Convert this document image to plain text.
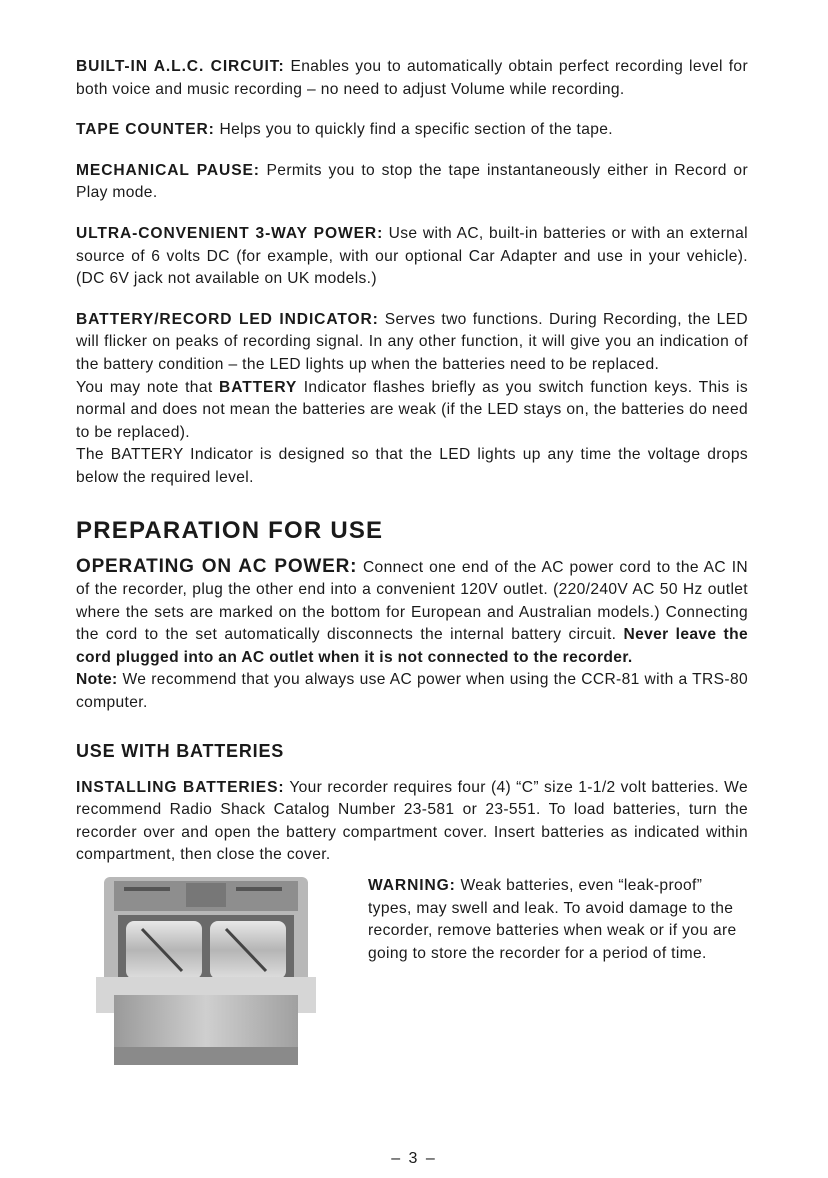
BUILT-IN A.L.C. CIRCUIT: Enables you to automatically obtain perfect recording level for both voice and music recording – no need to adjust Volume while recording.

TAPE COUNTER: Helps you to quickly find a specific section of the tape.

MECHANICAL PAUSE: Permits you to stop the tape instantaneously either in Record or Play mode.

ULTRA-CONVENIENT 3-WAY POWER: Use with AC, built-in batteries or with an external source of 6 volts DC (for example, with our optional Car Adapter and use in your vehicle). (DC 6V jack not available on UK models.)

BATTERY/RECORD LED INDICATOR: Serves two functions. During Recording, the LED will flicker on peaks of recording signal. In any other function, it will give you an indication of the battery condition – the LED lights up when the batteries need to be replaced.

You may note that BATTERY Indicator flashes briefly as you switch function keys. This is normal and does not mean the batteries are weak (if the LED stays on, the batteries do need to be replaced).

The BATTERY Indicator is designed so that the LED lights up any time the voltage drops below the required level.

PREPARATION FOR USE

OPERATING ON AC POWER: Connect one end of the AC power cord to the AC IN of the recorder, plug the other end into a convenient 120V outlet. (220/240V AC 50 Hz outlet where the sets are marked on the bottom for European and Australian models.) Connecting the cord to the set automatically disconnects the internal battery circuit. Never leave the cord plugged into an AC outlet when it is not connected to the recorder.

Note: We recommend that you always use AC power when using the CCR-81 with a TRS-80 computer.

USE WITH BATTERIES

INSTALLING BATTERIES: Your recorder requires four (4) “C” size 1-1/2 volt batteries. We recommend Radio Shack Catalog Number 23-581 or 23-551. To load batteries, turn the recorder over and open the battery compartment cover. Insert batteries as indicated within compartment, then close the cover.

WARNING: Weak batteries, even “leak-proof” types, may swell and leak. To avoid damage to the recorder, remove batteries when weak or if you are going to store the recorder for a period of time.

– 3 –
